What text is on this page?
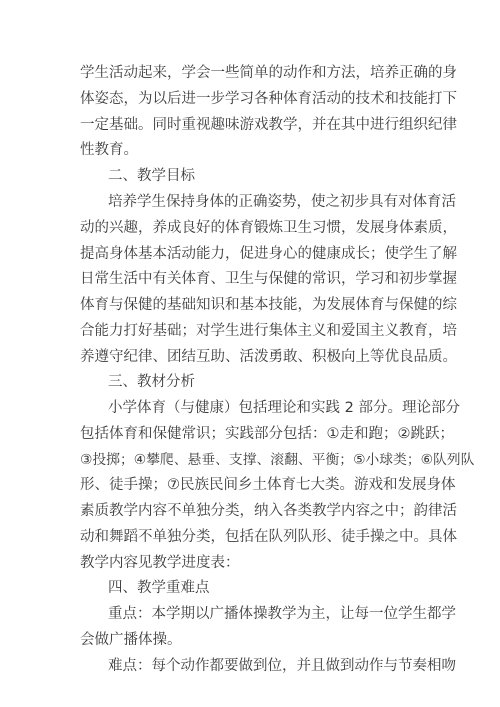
学生活动起来，学会一些简单的动作和方法，培养正确的身
体姿态，为以后进一步学习各种体育活动的技术和技能打下
一定基础。同时重视趣味游戏教学，并在其中进行组织纪律
性教育。
二、教学目标
培养学生保持身体的正确姿势，使之初步具有对体育活
动的兴趣，养成良好的体育锻炼卫生习惯，发展身体素质，
提高身体基本活动能力，促进身心的健康成长；使学生了解
日常生活中有关体育、卫生与保健的常识，学习和初步掌握
体育与保健的基础知识和基本技能，为发展体育与保健的综
合能力打好基础；对学生进行集体主义和爱国主义教育，培
养遵守纪律、团结互助、活泼勇敢、积极向上等优良品质。
三、教材分析
小学体育（与健康）包括理论和实践 2 部分。理论部分
包括体育和保健常识；实践部分包括：①走和跑；②跳跃；
③投掷；④攀爬、悬垂、支撑、滚翻、平衡；⑤小球类；⑥队列队
形、徒手操；⑦民族民间乡土体育七大类。游戏和发展身体
素质教学内容不单独分类，纳入各类教学内容之中；韵律活
动和舞蹈不单独分类，包括在队列队形、徒手操之中。具体
教学内容见教学进度表：
四、教学重难点
重点：本学期以广播体操教学为主，让每一位学生都学
会做广播体操。
难点：每个动作都要做到位，并且做到动作与节奏相吻
